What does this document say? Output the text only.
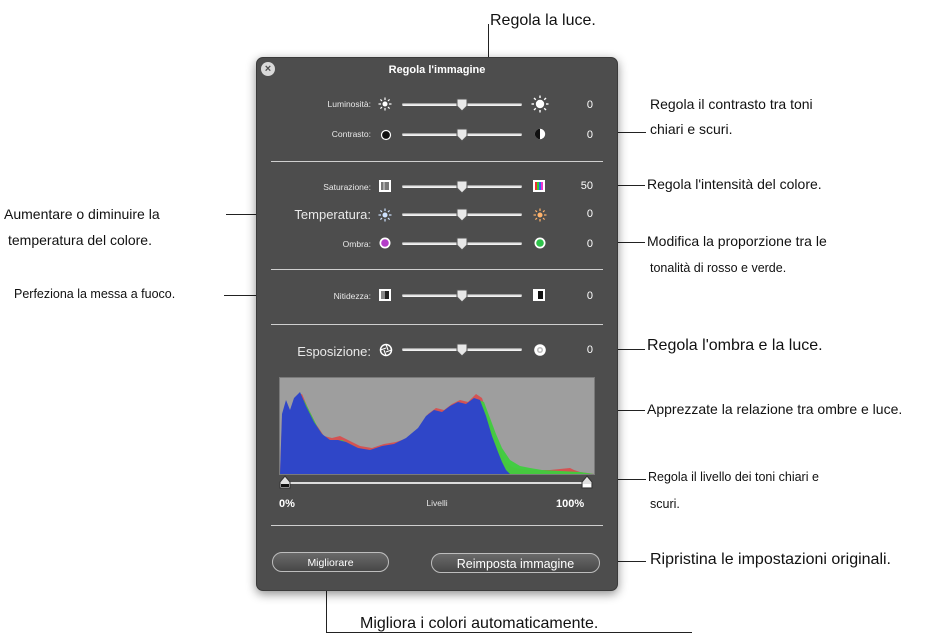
Regola la luce.
Regola il contrasto tra toni
chiari e scuri.
Regola l'intensità del colore.
Aumentare o diminuire la
temperatura del colore.	Modifica la proporzione tra le
tonalità di rosso e verde.
Perfeziona la messa a fuoco.
Regola l'ombra e la luce.
Apprezzate la relazione tra ombre e luce.
Regola il livello dei toni chiari e
scuri.
Ripristina le impostazioni originali.
Migliora i colori automaticamente.
×	Regola l'immagine
Luminosità:	0
Contrasto:	0
Saturazione:	50
Temperatura:	0
Ombra:	0
Nitidezza:	0
Esposizione:	0
0%	Livelli	100%
Migliorare	Reimposta immagine
